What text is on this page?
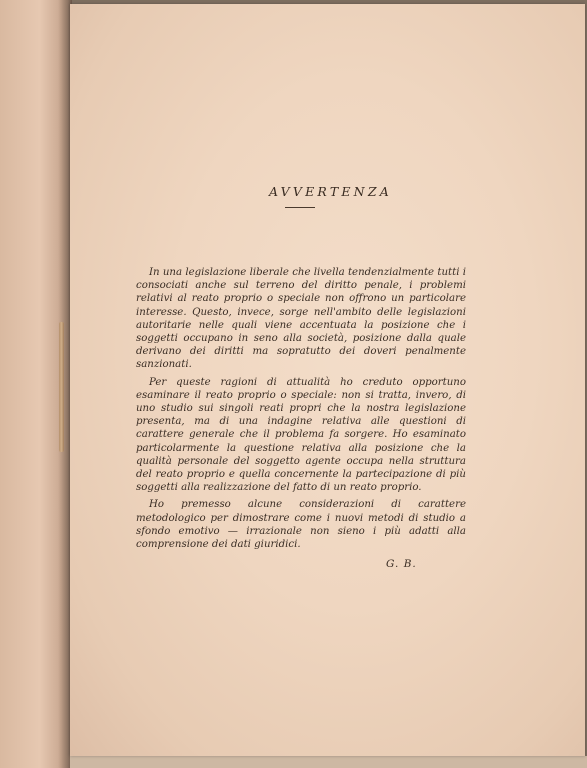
AVVERTENZA

In una legislazione liberale che livella tendenzialmente tutti i consociati anche sul terreno del diritto penale, i problemi relativi al reato proprio o speciale non offrono un particolare interesse. Questo, invece, sorge nell'ambito delle legislazioni autoritarie nelle quali viene accentuata la posizione che i soggetti occupano in seno alla società, posizione dalla quale derivano dei diritti ma sopratutto dei doveri penalmente sanzionati.

Per queste ragioni di attualità ho creduto opportuno esaminare il reato proprio o speciale: non si tratta, invero, di uno studio sui singoli reati propri che la nostra legislazione presenta, ma di una indagine relativa alle questioni di carattere generale che il problema fa sorgere. Ho esaminato particolarmente la questione relativa alla posizione che la qualità personale del soggetto agente occupa nella struttura del reato proprio e quella concernente la partecipazione di più soggetti alla realizzazione del fatto di un reato proprio.

Ho premesso alcune considerazioni di carattere metodologico per dimostrare come i nuovi metodi di studio a sfondo emotivo — irrazionale non sieno i più adatti alla comprensione dei dati giuridici.

G. B.
